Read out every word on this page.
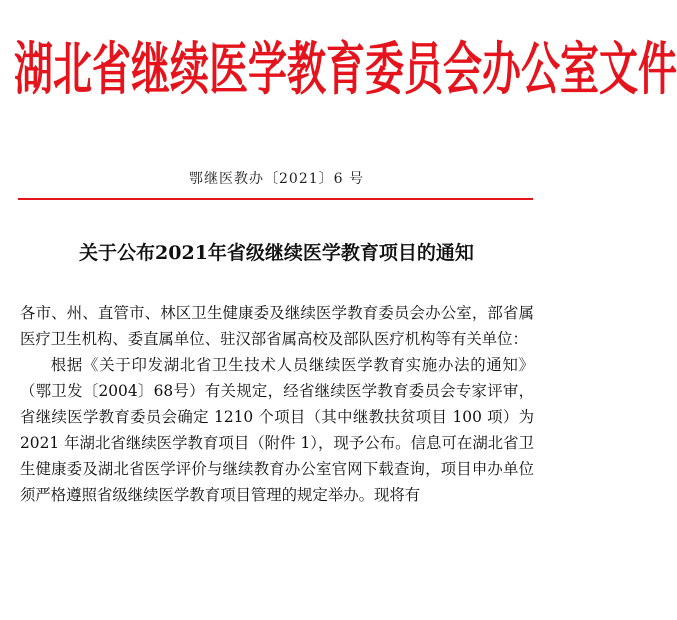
湖北省继续医学教育委员会办公室文件
鄂继医教办〔2021〕6 号
关于公布2021年省级继续医学教育项目的通知

各市、州、直管市、林区卫生健康委及继续医学教育委员会办公室，部省属医疗卫生机构、委直属单位、驻汉部省属高校及部队医疗机构等有关单位：

根据《关于印发湖北省卫生技术人员继续医学教育实施办法的通知》（鄂卫发〔2004〕68号）有关规定，经省继续医学教育委员会专家评审，省继续医学教育委员会确定 1210 个项目（其中继教扶贫项目 100 项）为 2021 年湖北省继续医学教育项目（附件 1），现予公布。信息可在湖北省卫生健康委及湖北省医学评价与继续教育办公室官网下载查询，项目申办单位须严格遵照省级继续医学教育项目管理的规定举办。现将有
